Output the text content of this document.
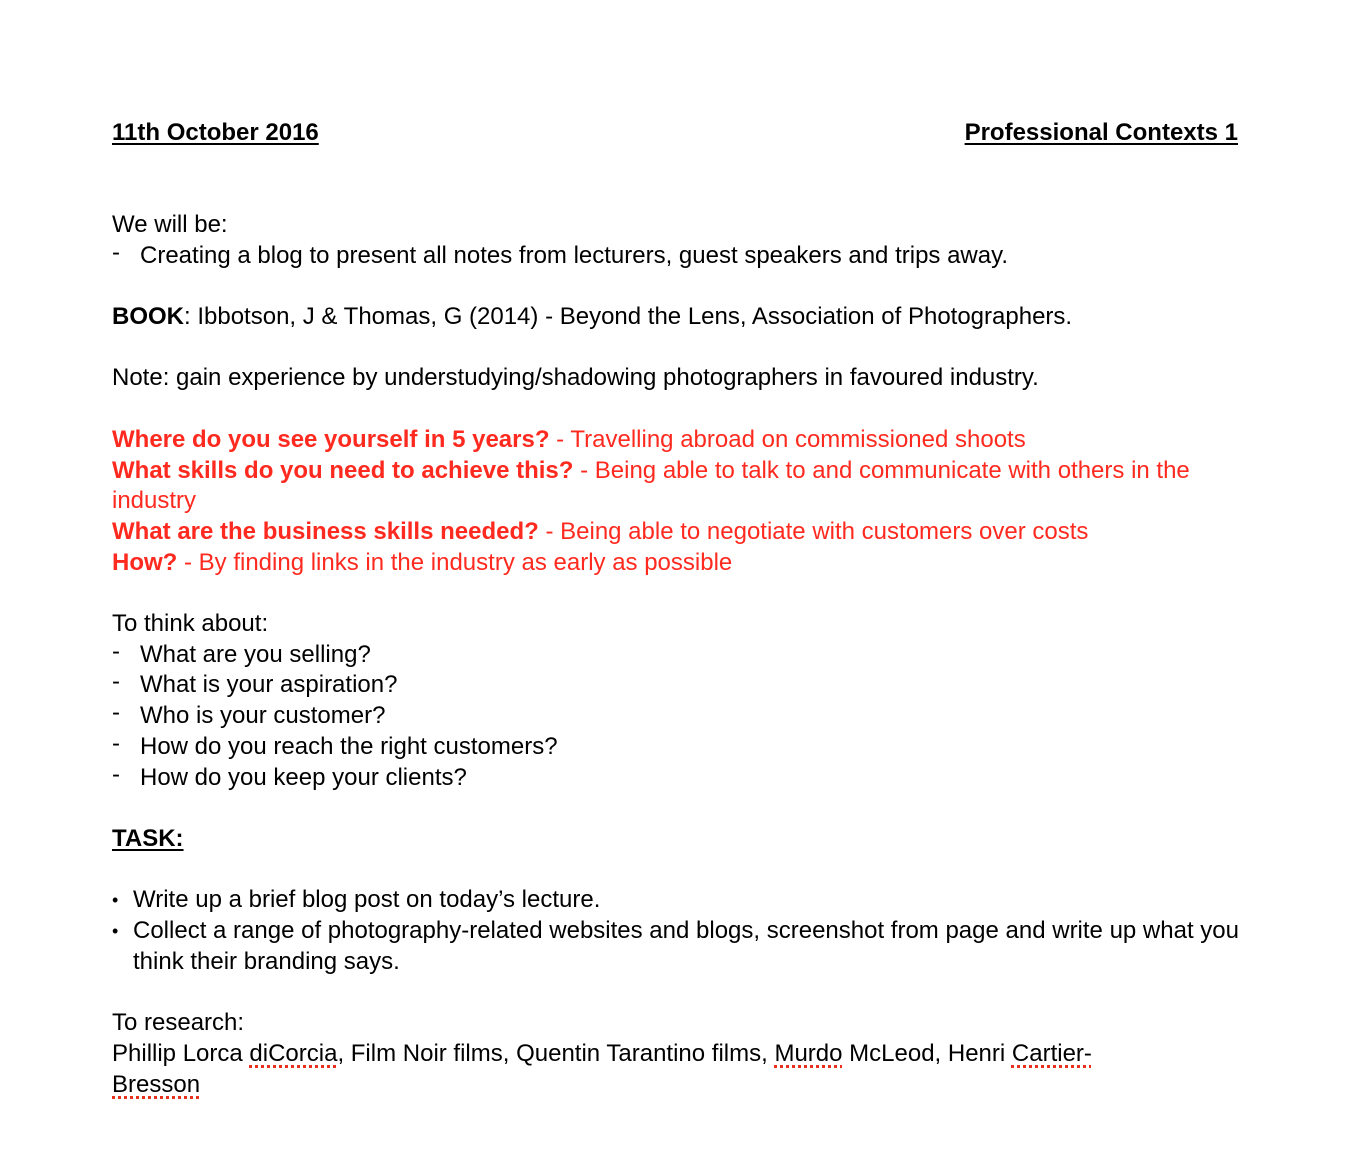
11th October 2016	Professional Contexts 1
We will be:
- Creating a blog to present all notes from lecturers, guest speakers and trips away.
BOOK: Ibbotson, J & Thomas, G (2014) - Beyond the Lens, Association of Photographers.
Note: gain experience by understudying/shadowing photographers in favoured industry.
Where do you see yourself in 5 years? - Travelling abroad on commissioned shoots
What skills do you need to achieve this? - Being able to talk to and communicate with others in the industry
What are the business skills needed? - Being able to negotiate with customers over costs
How? - By finding links in the industry as early as possible
To think about:
- What are you selling?
- What is your aspiration?
- Who is your customer?
- How do you reach the right customers?
- How do you keep your clients?
TASK:
• Write up a brief blog post on today’s lecture.
• Collect a range of photography-related websites and blogs, screenshot from page and write up what you think their branding says.
To research:
Phillip Lorca diCorcia, Film Noir films, Quentin Tarantino films, Murdo McLeod, Henri Cartier-
Bresson
